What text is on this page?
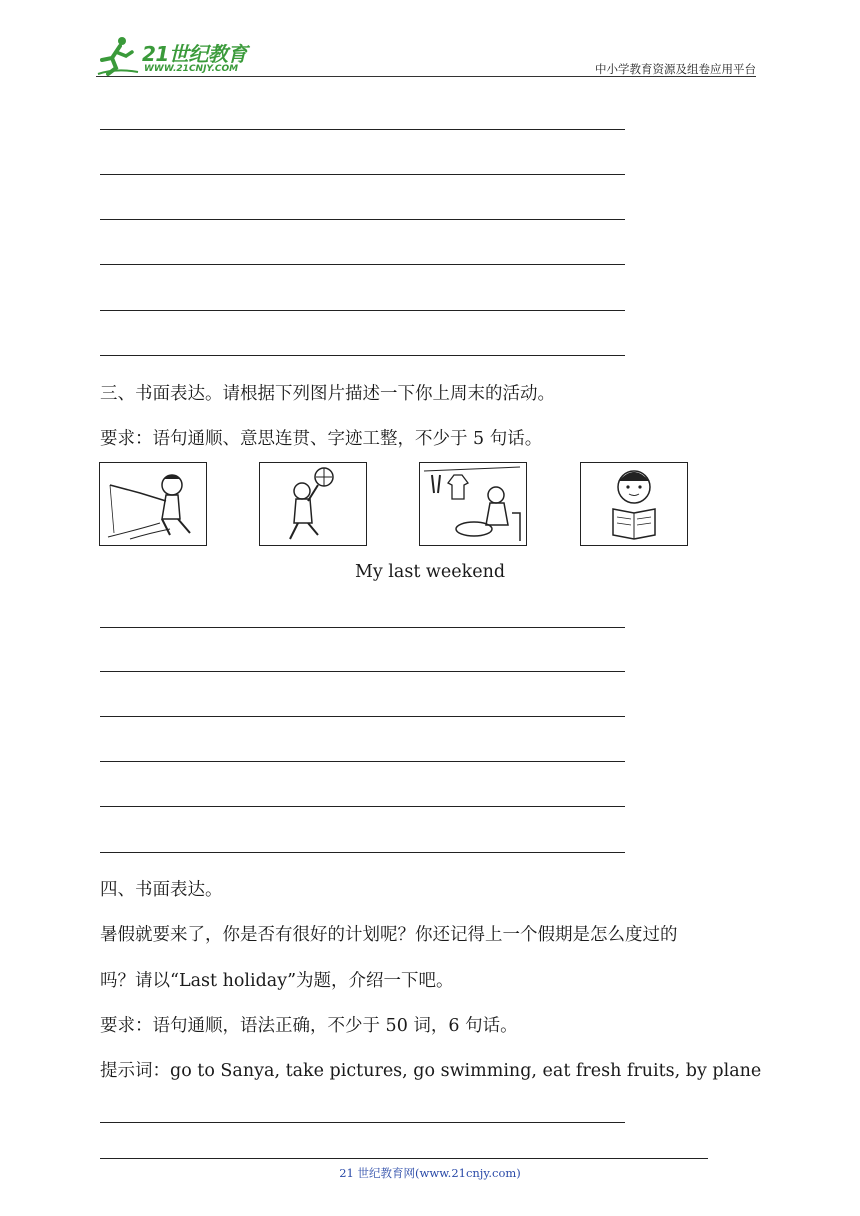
21世纪教育
WWW.21CNJY.COM	中小学教育资源及组卷应用平台
三、书面表达。请根据下列图片描述一下你上周末的活动。
要求：语句通顺、意思连贯、字迹工整，不少于 5 句话。
My last weekend
四、书面表达。
暑假就要来了，你是否有很好的计划呢？你还记得上一个假期是怎么度过的
吗？请以“Last holiday”为题，介绍一下吧。
要求：语句通顺，语法正确，不少于 50 词，6 句话。
提示词：go to Sanya, take pictures, go swimming, eat fresh fruits, by plane
21 世纪教育网(www.21cnjy.com)
